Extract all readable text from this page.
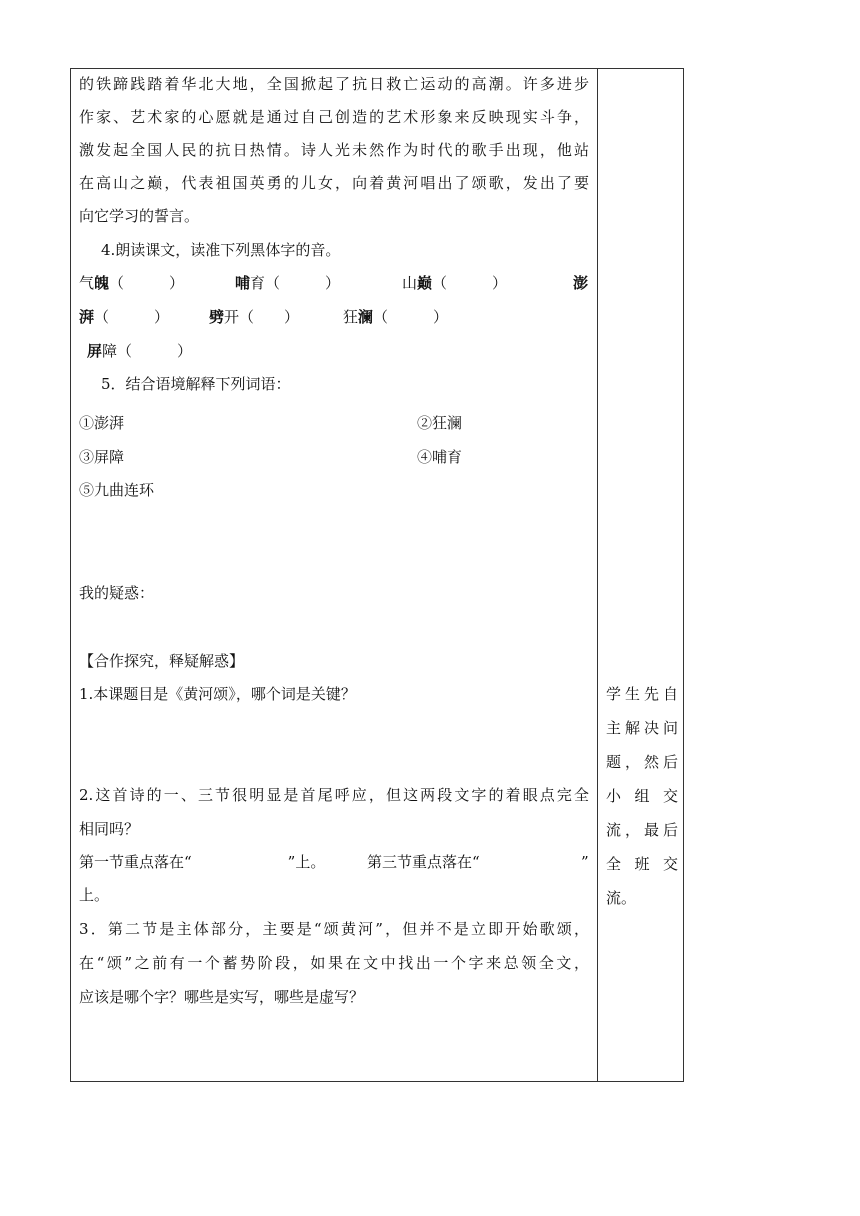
的铁蹄践踏着华北大地，全国掀起了抗日救亡运动的高潮。许多进步
作家、艺术家的心愿就是通过自己创造的艺术形象来反映现实斗争，
激发起全国人民的抗日热情。诗人光未然作为时代的歌手出现，他站
在高山之巅，代表祖国英勇的儿女，向着黄河唱出了颂歌，发出了要
向它学习的誓言。
4.朗读课文，读准下列黑体字的音。
气魄（　　　）	哺育（　　　）	山巅（　　　）	澎
湃（　　　）	劈开（　　）	狂澜（　　　）
屏障（　　　）
5．结合语境解释下列词语：
①澎湃	②狂澜
③屏障	④哺育
⑤九曲连环
我的疑惑：
【合作探究，释疑解惑】
1.本课题目是《黄河颂》，哪个词是关键？
2.这首诗的一、三节很明显是首尾呼应，但这两段文字的着眼点完全
相同吗？
第一节重点落在“	”上。	第三节重点落在“	”
上。
3．第二节是主体部分，主要是“颂黄河”，但并不是立即开始歌颂，
在“颂”之前有一个蓄势阶段，如果在文中找出一个字来总领全文，
应该是哪个字？哪些是实写，哪些是虚写？
学生先自
主解决问
题，然后
小 组 交
流，最后
全 班 交
流。
